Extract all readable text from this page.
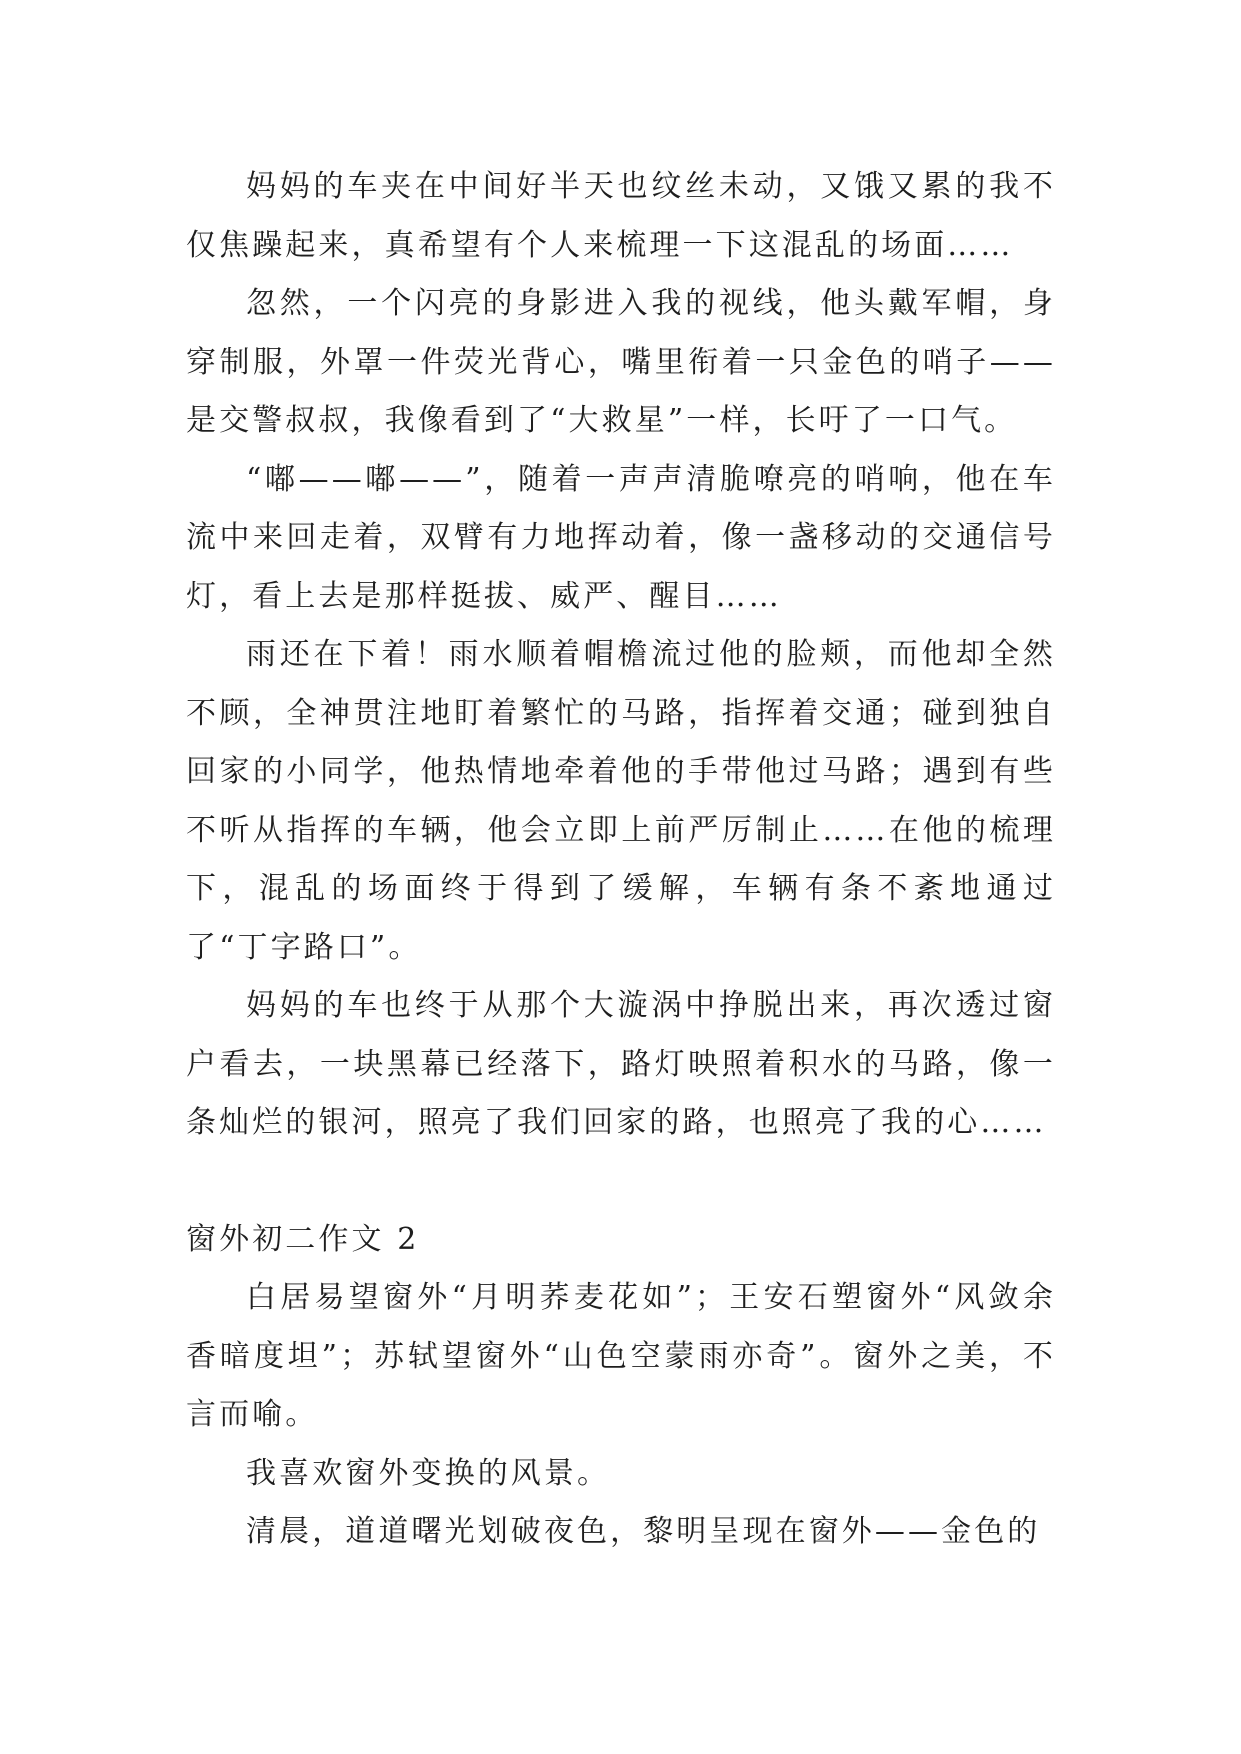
妈妈的车夹在中间好半天也纹丝未动，又饿又累的我不仅焦躁起来，真希望有个人来梳理一下这混乱的场面……

忽然，一个闪亮的身影进入我的视线，他头戴军帽，身穿制服，外罩一件荧光背心，嘴里衔着一只金色的哨子——是交警叔叔，我像看到了“大救星”一样，长吁了一口气。

“嘟——嘟——”，随着一声声清脆嘹亮的哨响，他在车流中来回走着，双臂有力地挥动着，像一盏移动的交通信号灯，看上去是那样挺拔、威严、醒目……

雨还在下着！雨水顺着帽檐流过他的脸颊，而他却全然不顾，全神贯注地盯着繁忙的马路，指挥着交通；碰到独自回家的小同学，他热情地牵着他的手带他过马路；遇到有些不听从指挥的车辆，他会立即上前严厉制止……在他的梳理下，混乱的场面终于得到了缓解，车辆有条不紊地通过了“丁字路口”。

妈妈的车也终于从那个大漩涡中挣脱出来，再次透过窗户看去，一块黑幕已经落下，路灯映照着积水的马路，像一条灿烂的银河，照亮了我们回家的路，也照亮了我的心……

窗外初二作文 2

白居易望窗外“月明荞麦花如”；王安石塑窗外“风敛余香暗度坦”；苏轼望窗外“山色空蒙雨亦奇”。窗外之美，不言而喻。

我喜欢窗外变换的风景。

清晨，道道曙光划破夜色，黎明呈现在窗外——金色的
